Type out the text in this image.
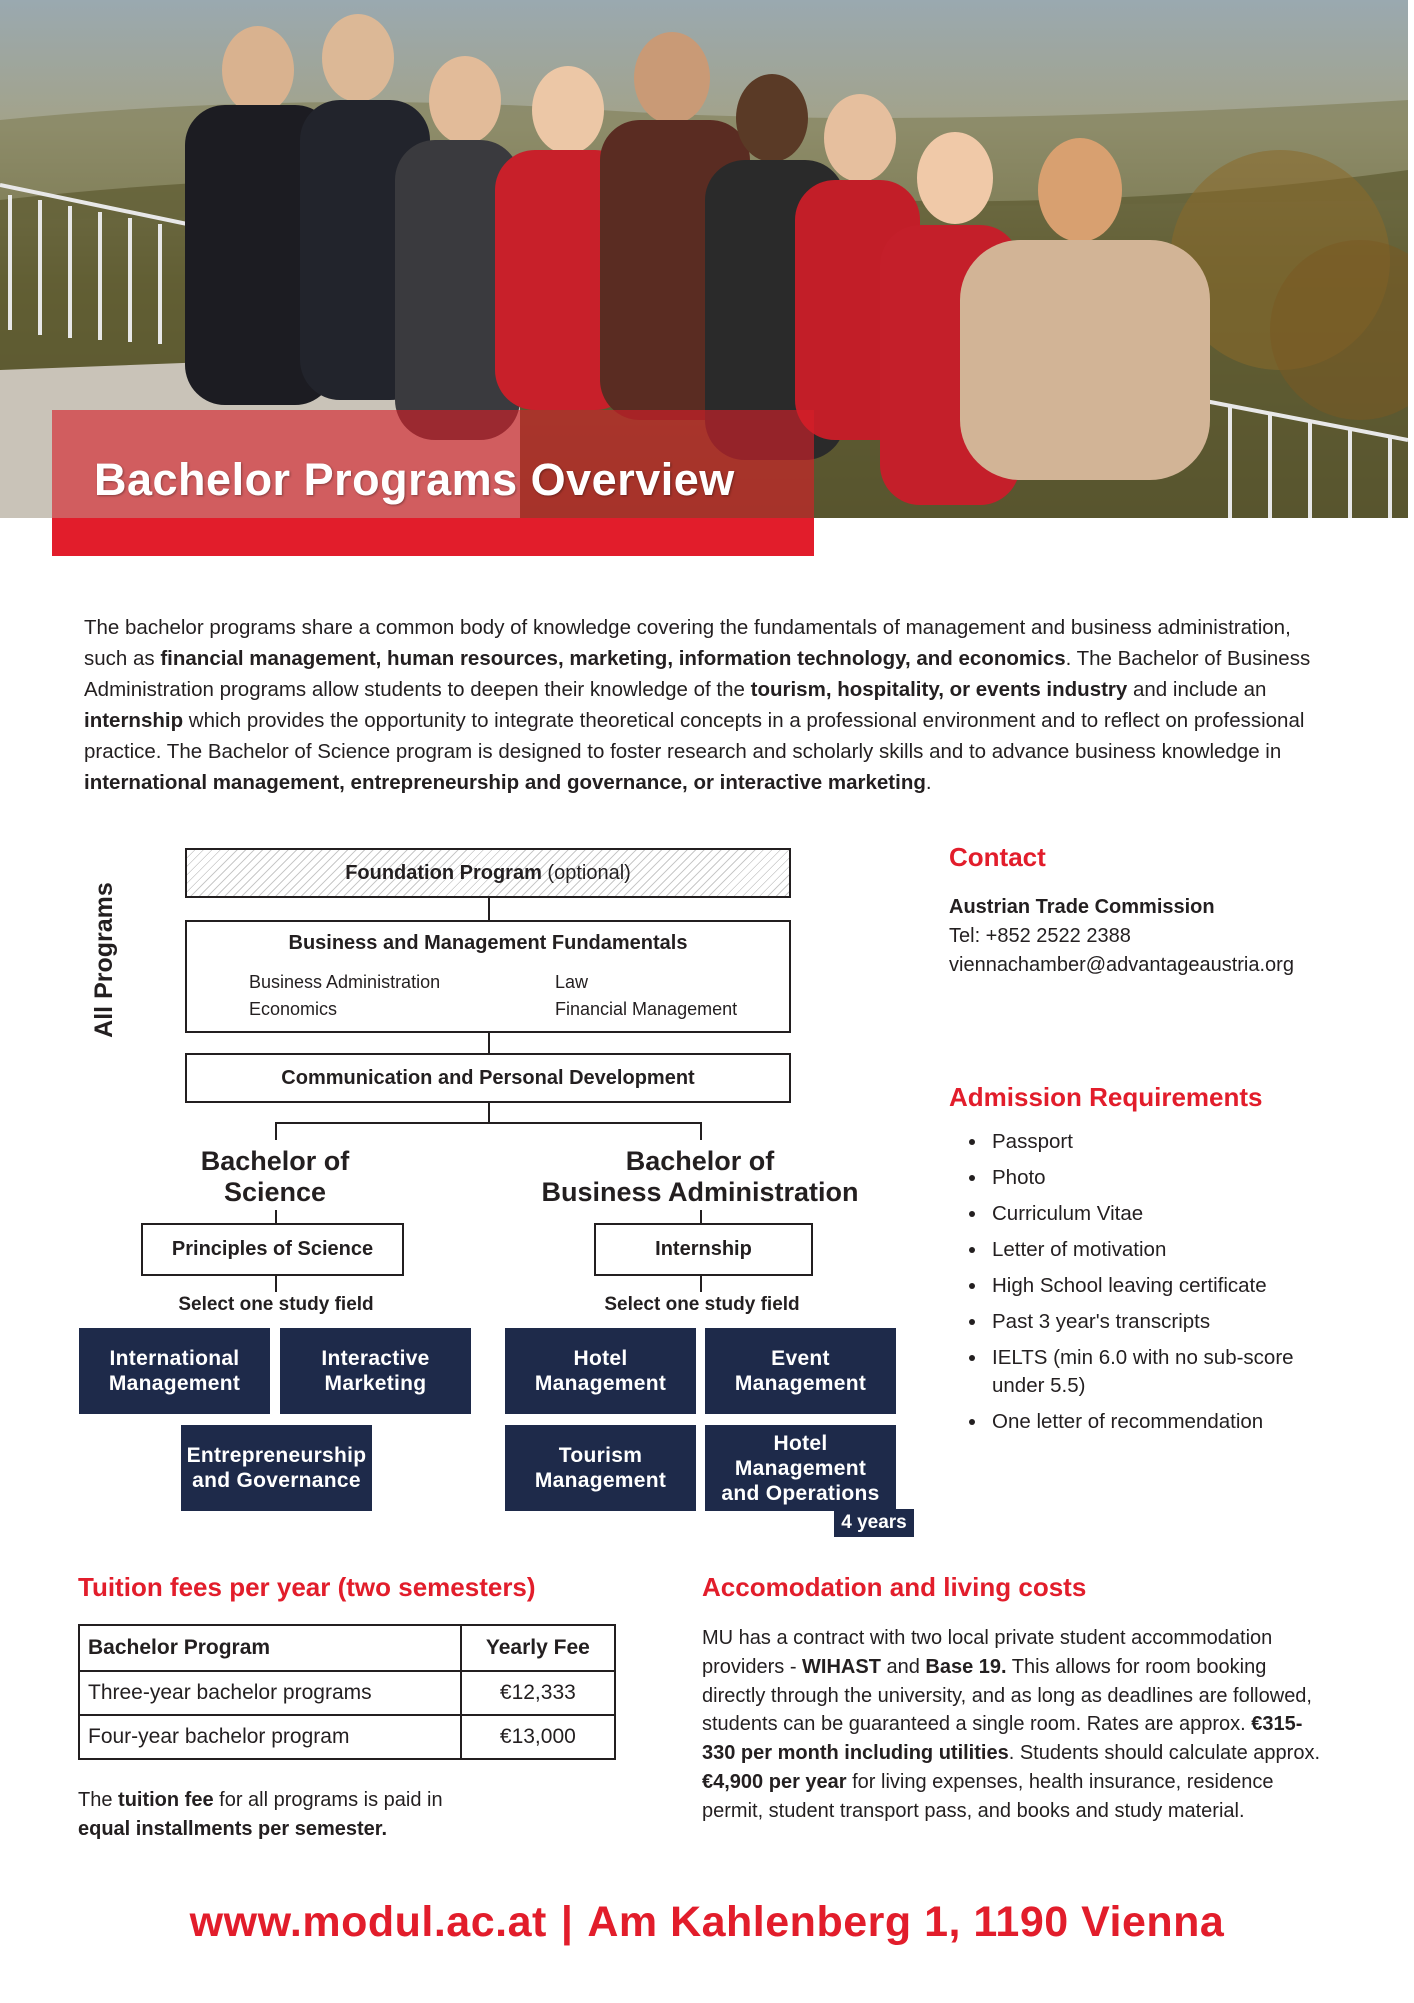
Bachelor Programs Overview

The bachelor programs share a common body of knowledge covering the fundamentals of management and business administration, such as financial management, human resources, marketing, information technology, and economics. The Bachelor of Business Administration programs allow students to deepen their knowledge of the tourism, hospitality, or events industry and include an internship which provides the opportunity to integrate theoretical concepts in a professional environment and to reflect on professional practice. The Bachelor of Science program is designed to foster research and scholarly skills and to advance business knowledge in international management, entrepreneurship and governance, or interactive marketing.

All Programs
Foundation Program (optional)
Business and Management Fundamentals
Business Administration	Law
Economics	Financial Management
Communication and Personal Development
Bachelor of
Science
Bachelor of
Business Administration
Principles of Science	Internship
Select one study field	Select one study field
International Management
Interactive Marketing
Entrepreneurship and Governance
Hotel Management
Event Management
Tourism Management
Hotel Management and Operations
4 years
Contact
Austrian Trade Commission
Tel: +852 2522 2388
viennachamber@advantageaustria.org
Admission Requirements
• Passport
• Photo
• Curriculum Vitae
• Letter of motivation
• High School leaving certificate
• Past 3 year's transcripts
• IELTS (min 6.0 with no sub-score under 5.5)
• One letter of recommendation
Tuition fees per year (two semesters)
Bachelor Program	Yearly Fee
Three-year bachelor programs	€12,333
Four-year bachelor program	€13,000

The tuition fee for all programs is paid in equal installments per semester.

Accomodation and living costs

MU has a contract with two local private student accommodation providers - WIHAST and Base 19. This allows for room booking directly through the university, and as long as deadlines are followed, students can be guaranteed a single room. Rates are approx. €315-330 per month including utilities. Students should calculate approx. €4,900 per year for living expenses, health insurance, residence permit, student transport pass, and books and study material.

www.modul.ac.at | Am Kahlenberg 1, 1190 Vienna
